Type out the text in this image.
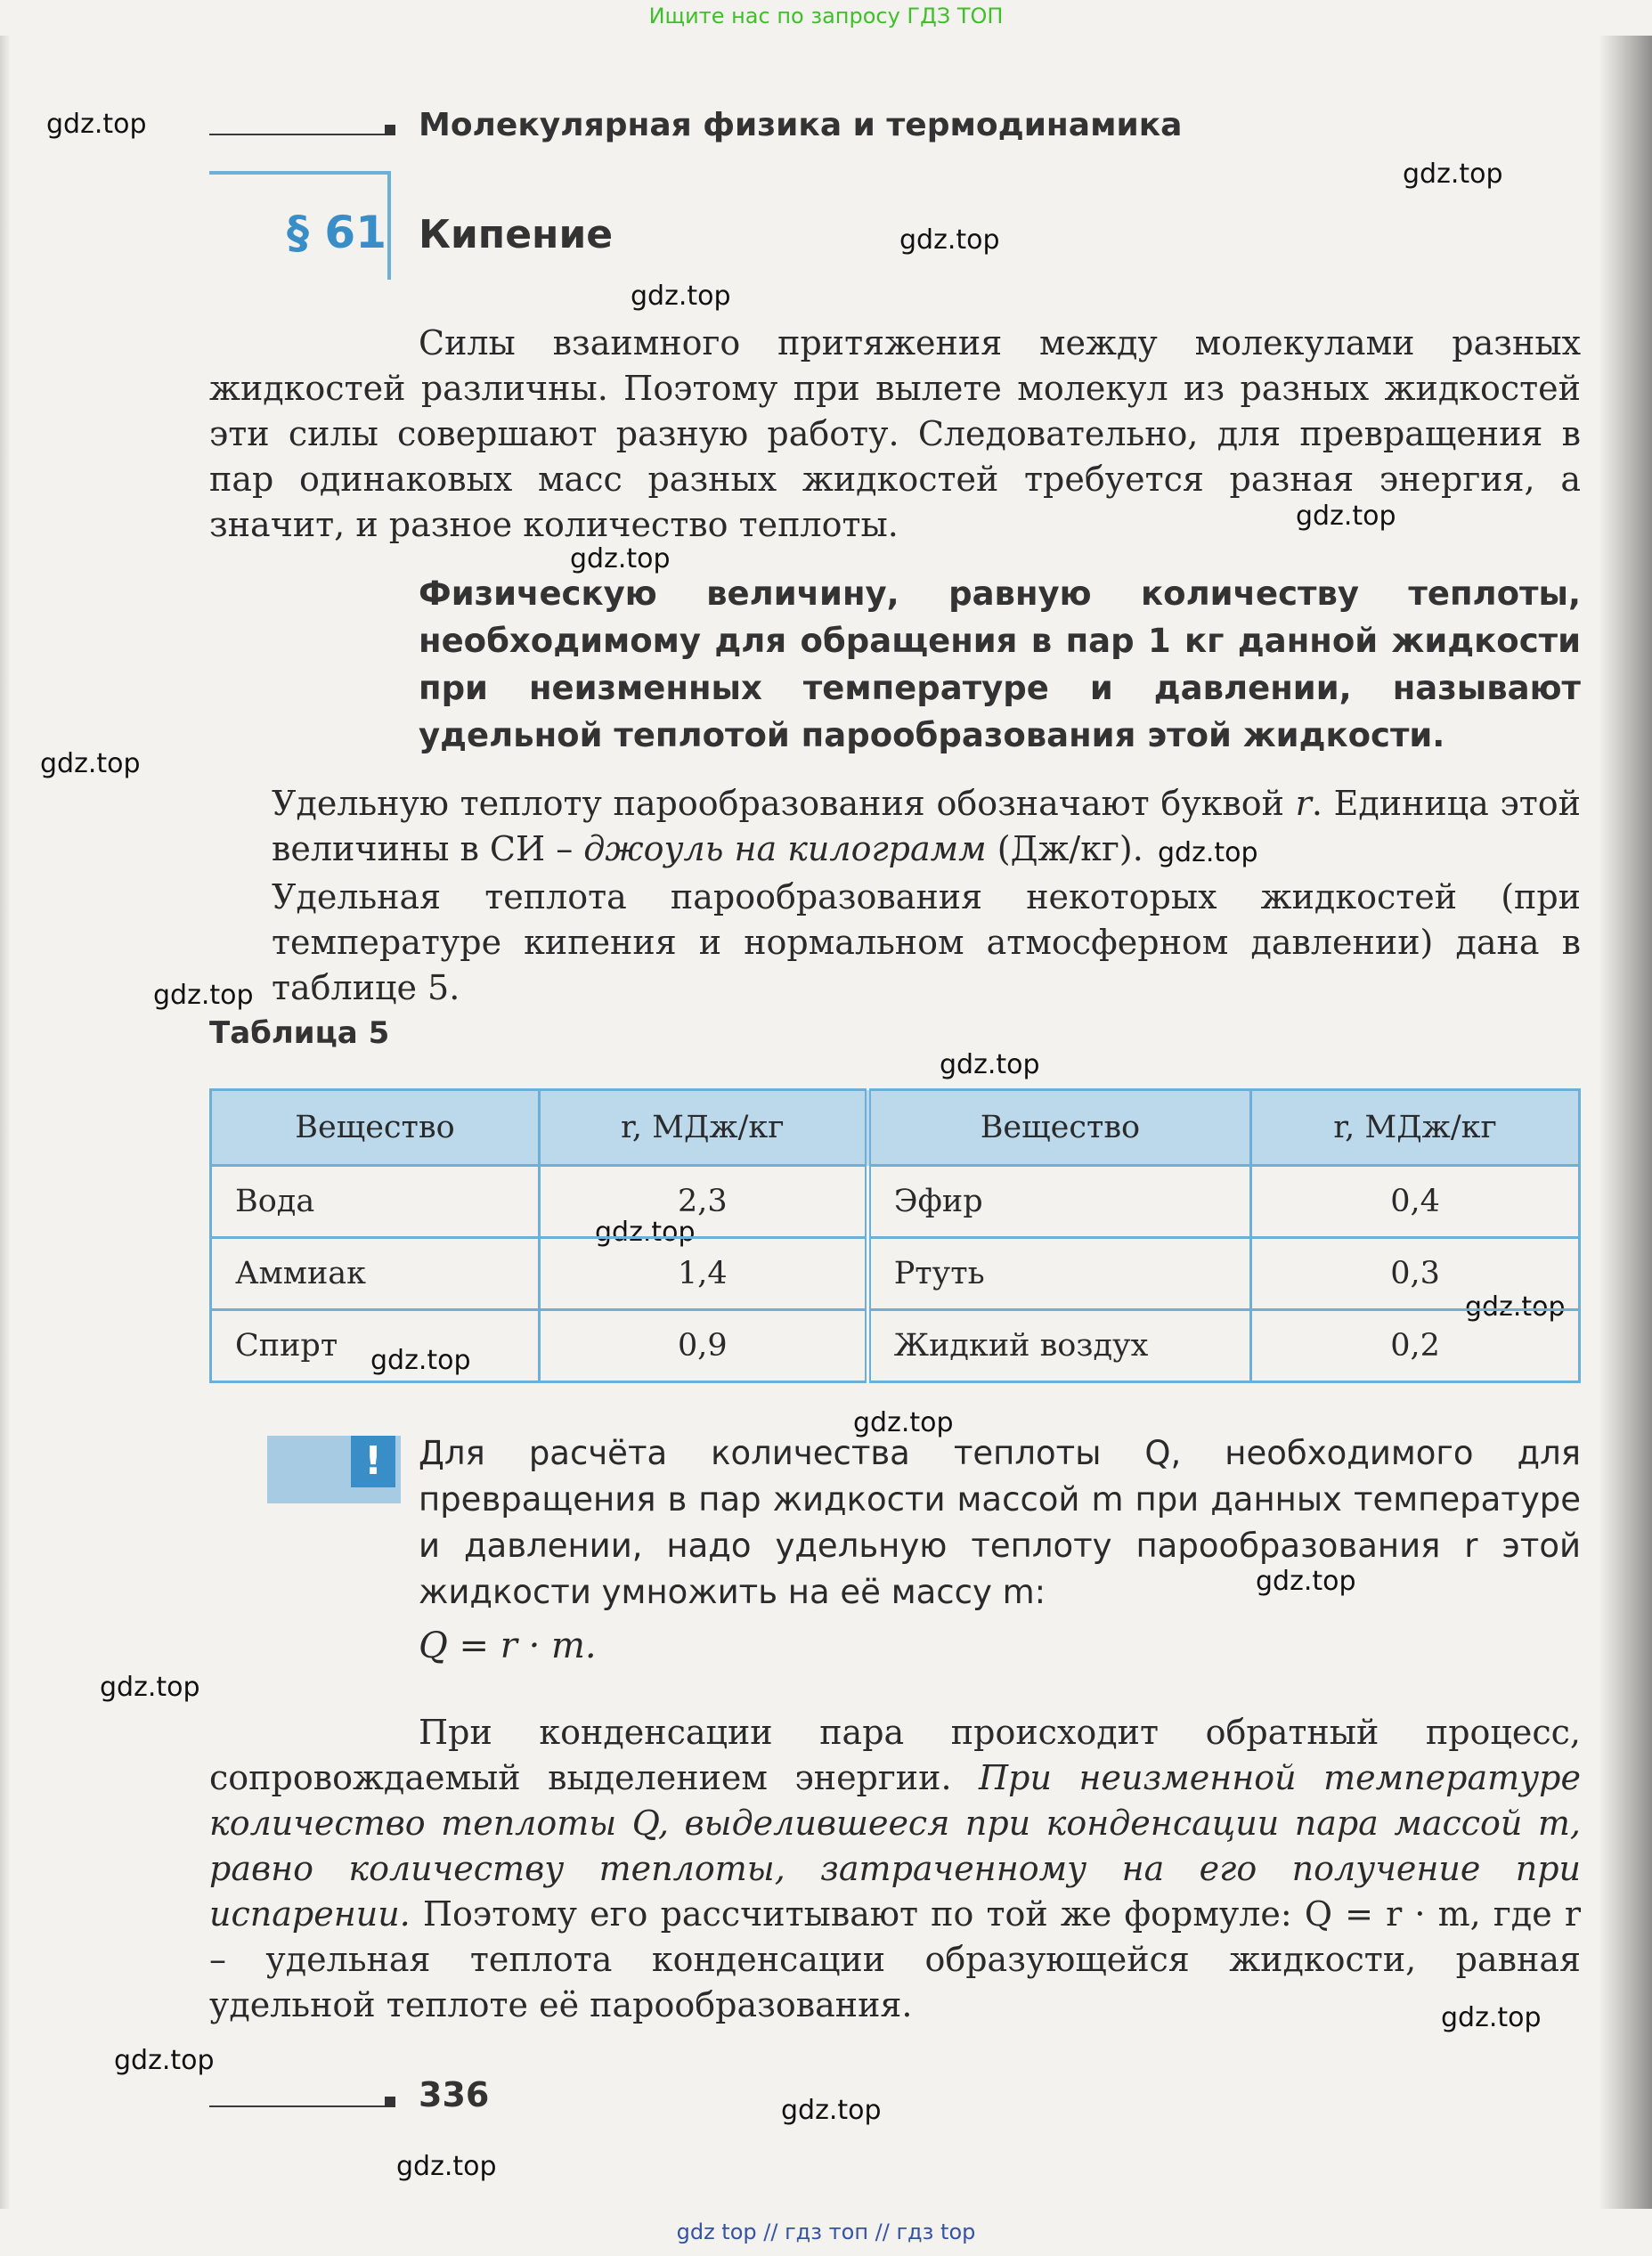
Ищите нас по запросу ГДЗ ТОП
gdz.top
gdz.top
gdz.top
gdz.top
gdz.top
gdz.top
gdz.top
gdz.top
gdz.top
gdz.top
gdz.top
gdz.top
gdz.top
gdz.top
gdz.top
gdz.top
gdz.top
gdz.top
gdz.top
gdz.top
Молекулярная физика и термодинамика
§ 61 Кипение
Силы взаимного притяжения между молекулами разных жидкостей различны. Поэтому при вылете молекул из разных жидкостей эти силы совершают разную работу. Следовательно, для превращения в пар одинаковых масс разных жидкостей требуется разная энергия, а значит, и разное количество теплоты.
Физическую величину, равную количеству теплоты, необходимому для обращения в пар 1 кг данной жидкости при неизменных температуре и давлении, называют удельной теплотой парообразования этой жидкости.
Удельную теплоту парообразования обозначают буквой r. Единица этой величины в СИ – джоуль на килограмм (Дж/кг).
Удельная теплота парообразования некоторых жидкостей (при температуре кипения и нормальном атмосферном давлении) дана в таблице 5.
Таблица 5
Вещество	r, МДж/кг	Вещество	r, МДж/кг
Вода	2,3	Эфир	0,4
Аммиак	1,4	Ртуть	0,3
Спирт	0,9	Жидкий воздух	0,2
!	Для расчёта количества теплоты Q, необходимого для превращения в пар жидкости массой m при данных температуре и давлении, надо удельную теплоту парообразования r этой жидкости умножить на её массу m:
Q = r · m.
При конденсации пара происходит обратный процесс, сопровождаемый выделением энергии. При неизменной температуре количество теплоты Q, выделившееся при конденсации пара массой m, равно количеству теплоты, затраченному на его получение при испарении. Поэтому его рассчитывают по той же формуле: Q = r · m, где r – удельная теплота конденсации образующейся жидкости, равная удельной теплоте её парообразования.
336
gdz top // гдз топ // гдз top
